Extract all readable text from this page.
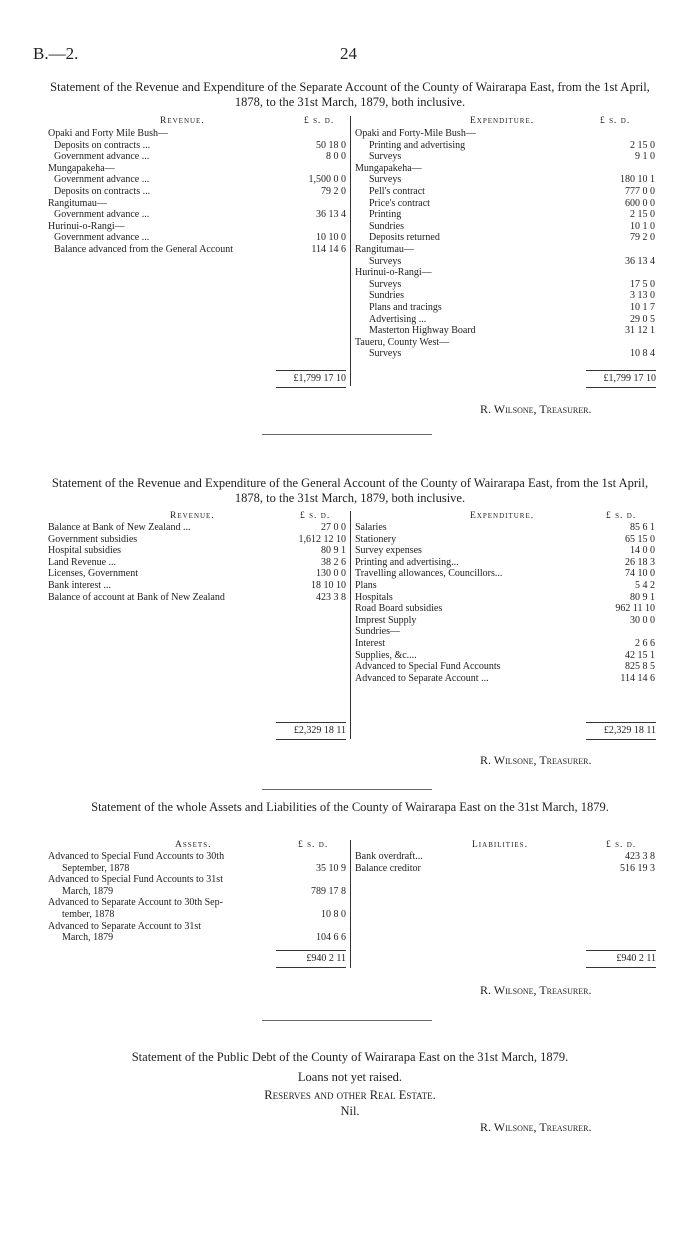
B.—2.	24
Statement of the Revenue and Expenditure of the Separate Account of the County of Wairarapa East, from the 1st April, 1878, to the 31st March, 1879, both inclusive.
Revenue.	£ s. d.	Expenditure.	£ s. d.
Opaki and Forty Mile Bush—
Deposits on contracts ...	50 18 0
Government advance ...	8 0 0
Mungapakeha—
Government advance ...	1,500 0 0
Deposits on contracts ...	79 2 0
Rangitumau—
Government advance ...	36 13 4
Hurinui-o-Rangi—
Government advance ...	10 10 0
Balance advanced from the General Account	114 14 6
Opaki and Forty-Mile Bush—
Printing and advertising	2 15 0
Surveys	9 1 0
Mungapakeha—
Surveys	180 10 1
Pell's contract	777 0 0
Price's contract	600 0 0
Printing	2 15 0
Sundries	10 1 0
Deposits returned	79 2 0
Rangitumau—
Surveys	36 13 4
Hurinui-o-Rangi—
Surveys	17 5 0
Sundries	3 13 0
Plans and tracings	10 1 7
Advertising ...	29 0 5
Masterton Highway Board	31 12 1
Taueru, County West—
Surveys	10 8 4
£1,799 17 10	£1,799 17 10
R. Wilsone, Treasurer.
Statement of the Revenue and Expenditure of the General Account of the County of Wairarapa East, from the 1st April, 1878, to the 31st March, 1879, both inclusive.
Revenue.	£ s. d.	Expenditure.	£ s. d.
Balance at Bank of New Zealand ...	27 0 0
Government subsidies	1,612 12 10
Hospital subsidies	80 9 1
Land Revenue ...	38 2 6
Licenses, Government	130 0 0
Bank interest ...	18 10 10
Balance of account at Bank of New Zealand	423 3 8
Salaries	85 6 1
Stationery	65 15 0
Survey expenses	14 0 0
Printing and advertising...	26 18 3
Travelling allowances, Councillors...	74 10 0
Plans	5 4 2
Hospitals	80 9 1
Road Board subsidies	962 11 10
Imprest Supply	30 0 0
Sundries—
Interest	2 6 6
Supplies, &c....	42 15 1
Advanced to Special Fund Accounts	825 8 5
Advanced to Separate Account ...	114 14 6
£2,329 18 11	£2,329 18 11
R. Wilsone, Treasurer.
Statement of the whole Assets and Liabilities of the County of Wairarapa East on the 31st March, 1879.
Assets.	£ s. d.	Liabilities.	£ s. d.
Advanced to Special Fund Accounts to 30th
September, 1878	35 10 9
Advanced to Special Fund Accounts to 31st
March, 1879	789 17 8
Advanced to Separate Account to 30th Sep-
tember, 1878	10 8 0
Advanced to Separate Account to 31st
March, 1879	104 6 6
Bank overdraft...	423 3 8
Balance creditor	516 19 3
£940 2 11	£940 2 11
R. Wilsone, Treasurer.
Statement of the Public Debt of the County of Wairarapa East on the 31st March, 1879.
Loans not yet raised.
Reserves and other Real Estate.
Nil.
R. Wilsone, Treasurer.
